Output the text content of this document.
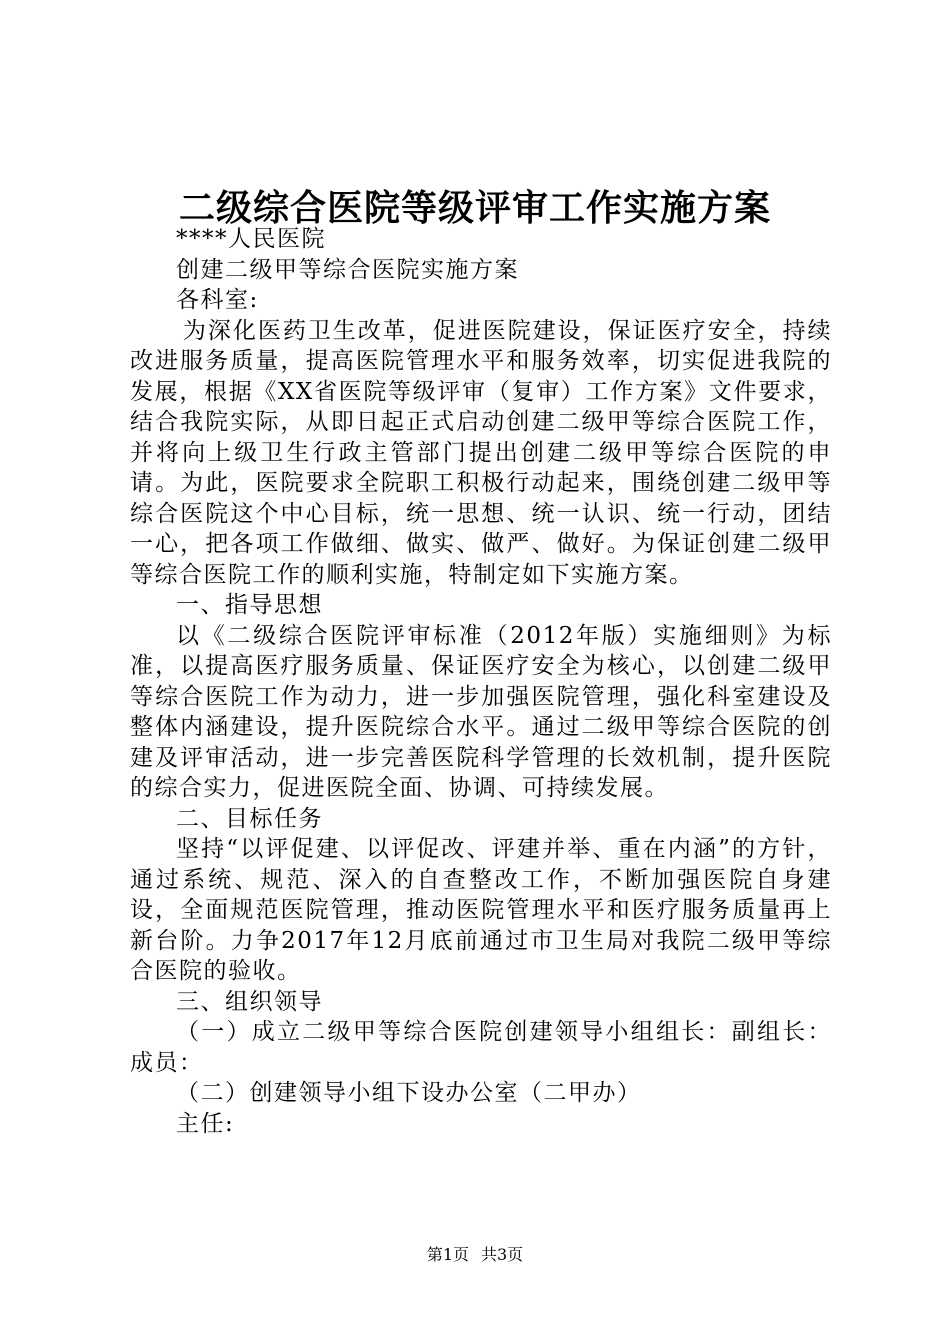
二级综合医院等级评审工作实施方案

****人民医院

创建二级甲等综合医院实施方案

各科室:

为深化医药卫生改革，促进医院建设，保证医疗安全，持续改进服务质量，提高医院管理水平和服务效率，切实促进我院的发展，根据《XX省医院等级评审（复审）工作方案》文件要求，结合我院实际，从即日起正式启动创建二级甲等综合医院工作，并将向上级卫生行政主管部门提出创建二级甲等综合医院的申请。为此，医院要求全院职工积极行动起来，围绕创建二级甲等综合医院这个中心目标，统一思想、统一认识、统一行动，团结一心，把各项工作做细、做实、做严、做好。为保证创建二级甲等综合医院工作的顺利实施，特制定如下实施方案。

一、指导思想

以《二级综合医院评审标准（2012年版）实施细则》为标准，以提高医疗服务质量、保证医疗安全为核心，以创建二级甲等综合医院工作为动力，进一步加强医院管理，强化科室建设及整体内涵建设，提升医院综合水平。通过二级甲等综合医院的创建及评审活动，进一步完善医院科学管理的长效机制，提升医院的综合实力，促进医院全面、协调、可持续发展。

二、目标任务

坚持“以评促建、以评促改、评建并举、重在内涵”的方针，通过系统、规范、深入的自查整改工作，不断加强医院自身建设，全面规范医院管理，推动医院管理水平和医疗服务质量再上新台阶。力争2017年12月底前通过市卫生局对我院二级甲等综合医院的验收。

三、组织领导

（一）成立二级甲等综合医院创建领导小组组长：副组长：成员：

（二）创建领导小组下设办公室（二甲办）

主任:

第1页 共3页
